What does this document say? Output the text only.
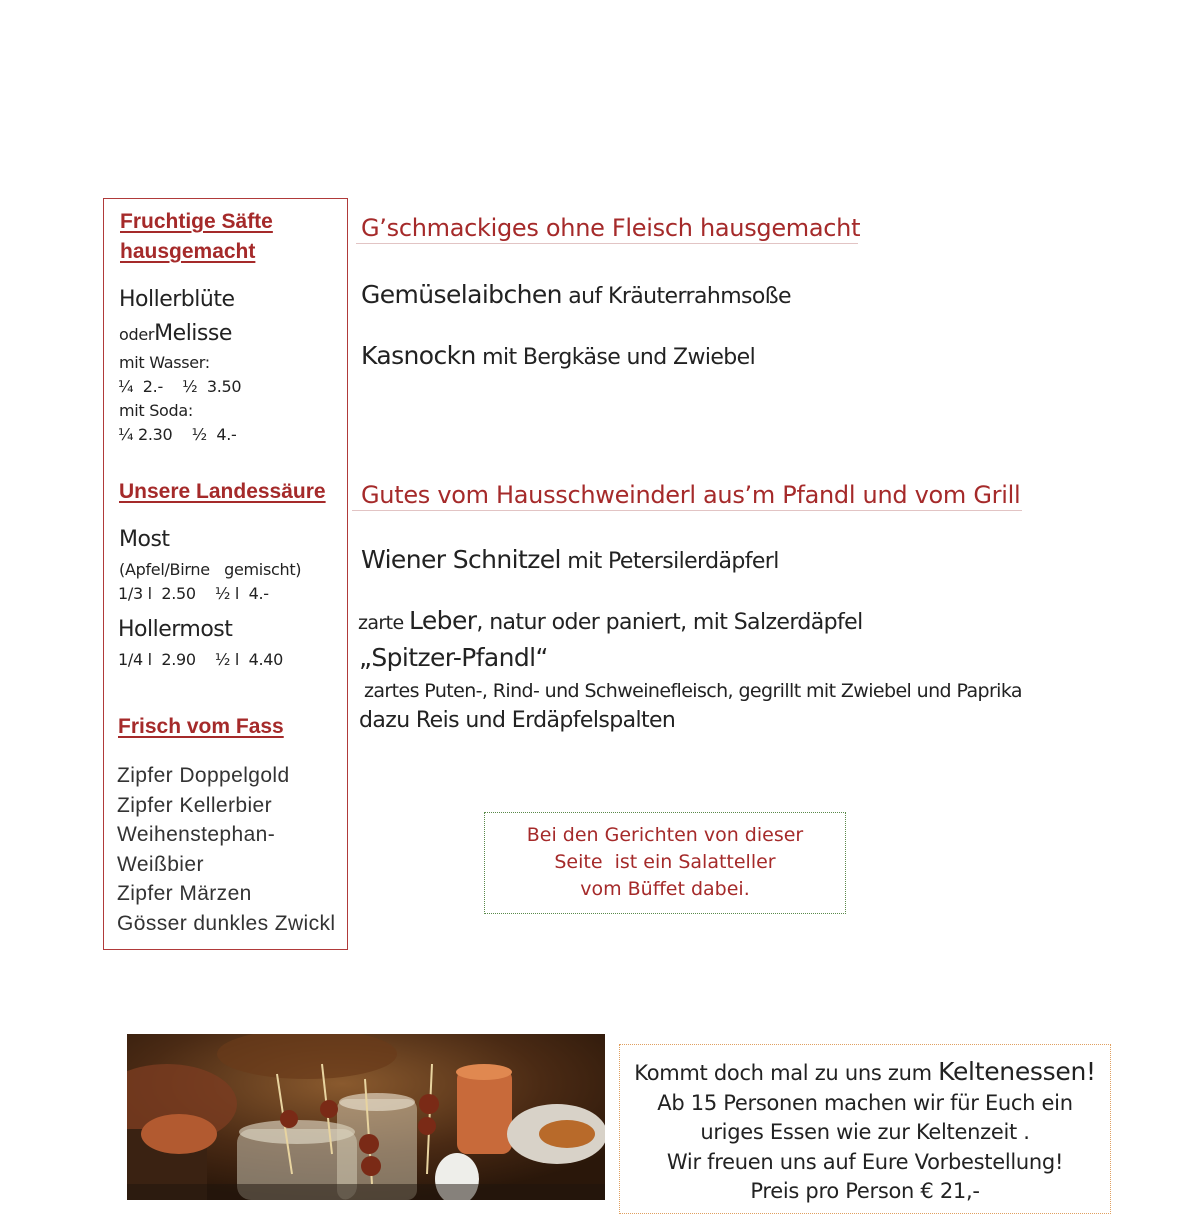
Fruchtige Säfte
hausgemacht
Hollerblüte
oderMelisse
mit Wasser:
¼  2.-    ½  3.50
mit Soda:
¼ 2.30    ½  4.-
Unsere Landessäure
Most
(Apfel/Birne   gemischt)
1/3 l  2.50    ½ l  4.-
Hollermost
1/4 l  2.90    ½ l  4.40
Frisch vom Fass
Zipfer Doppelgold
Zipfer Kellerbier
Weihenstephan-
Weißbier
Zipfer Märzen
Gösser dunkles Zwickl
G’schmackiges ohne Fleisch hausgemacht
Gemüselaibchen auf Kräuterrahmsoße
Kasnockn mit Bergkäse und Zwiebel
Gutes vom Hausschweinderl aus’m Pfandl und vom Grill
Wiener Schnitzel mit Petersilerdäpferl
zarte Leber, natur oder paniert, mit Salzerdäpfel
„Spitzer-Pfandl“
zartes Puten-, Rind- und Schweinefleisch, gegrillt mit Zwiebel und Paprika
dazu Reis und Erdäpfelspalten
Bei den Gerichten von dieser
Seite  ist ein Salatteller
vom Büffet dabei.
Kommt doch mal zu uns zum Keltenessen!
Ab 15 Personen machen wir für Euch ein
uriges Essen wie zur Keltenzeit .
Wir freuen uns auf Eure Vorbestellung!
Preis pro Person € 21,-
